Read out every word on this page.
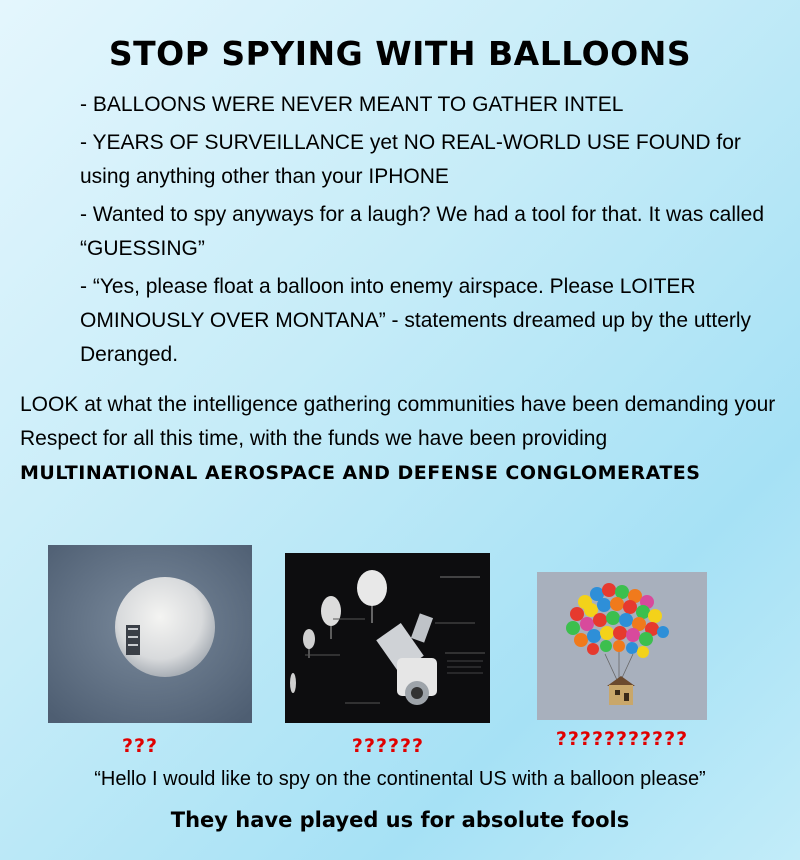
STOP SPYING WITH BALLOONS
- BALLOONS WERE NEVER MEANT TO GATHER INTEL
- YEARS OF SURVEILLANCE yet NO REAL-WORLD USE FOUND for using anything other than your IPHONE
- Wanted to spy anyways for a laugh? We had a tool for that. It was called “GUESSING”
- “Yes, please float a balloon into enemy airspace. Please LOITER OMINOUSLY OVER MONTANA” - statements dreamed up by the utterly Deranged.
LOOK at what the intelligence gathering communities have been demanding your Respect for all this time, with the funds we have been providing MULTINATIONAL AEROSPACE AND DEFENSE CONGLOMERATES
???	??????	???????????
“Hello I would like to spy on the continental US with a balloon please”
They have played us for absolute fools
